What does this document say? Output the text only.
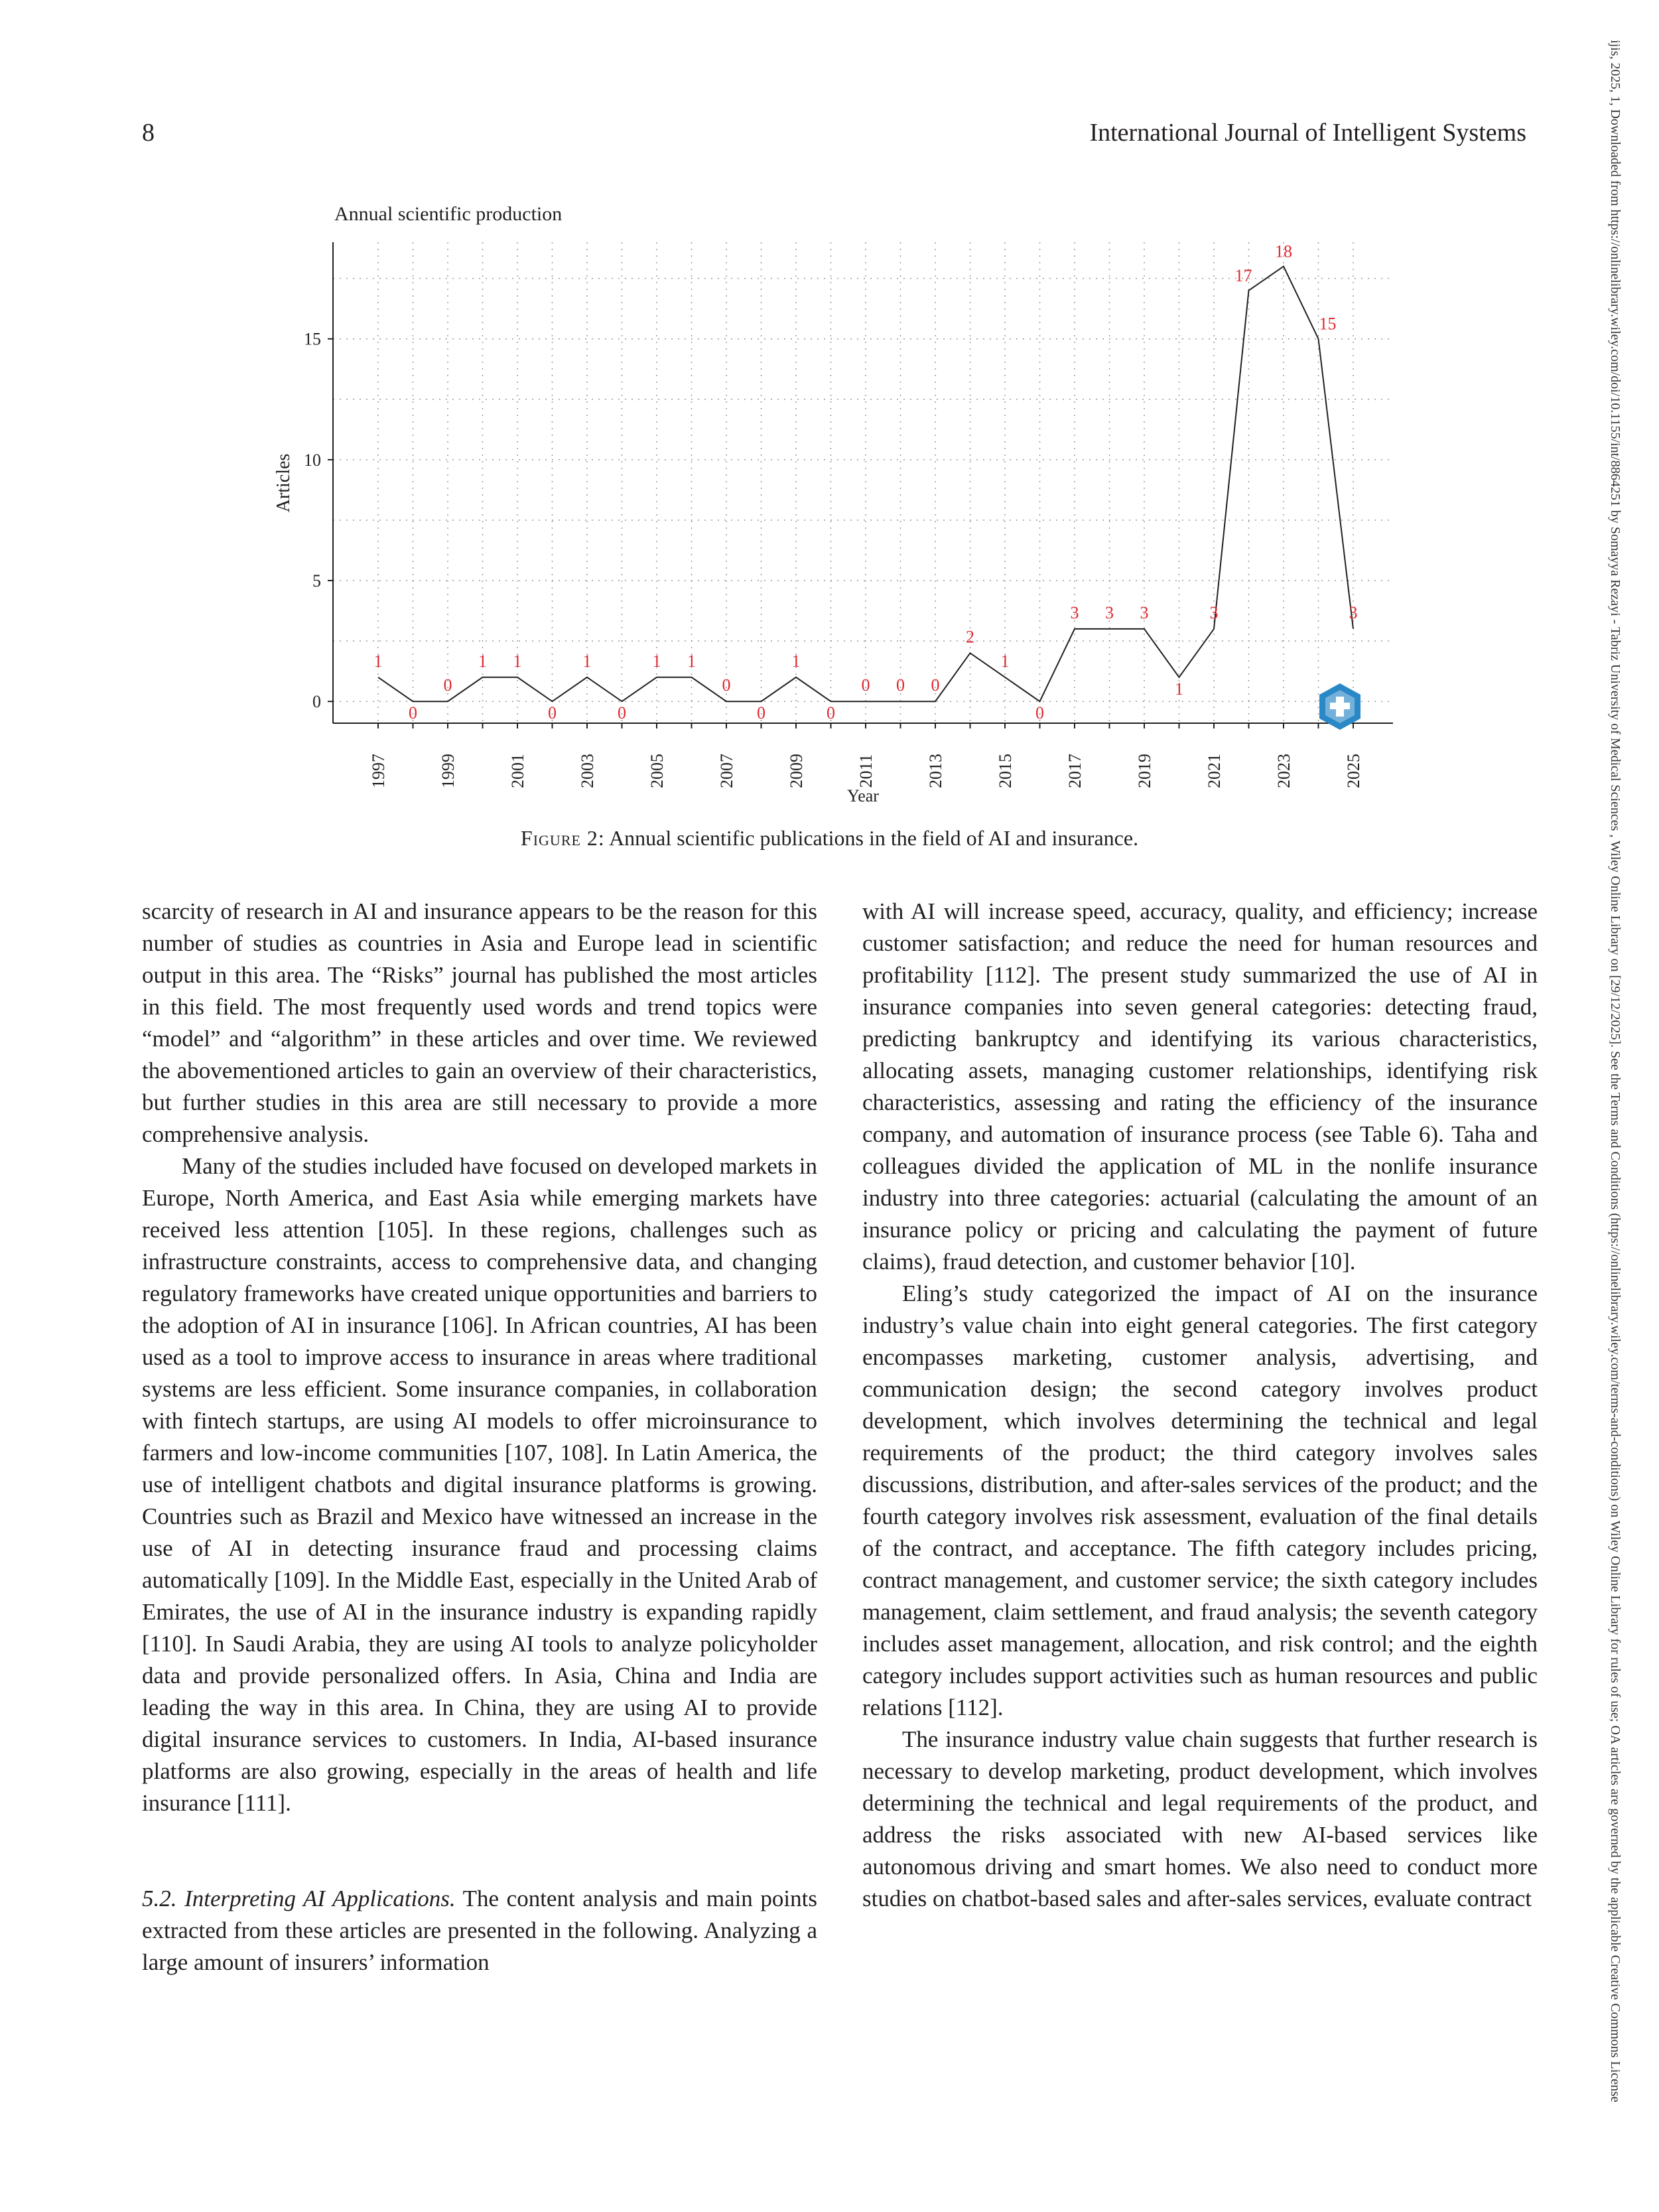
8	International Journal of Intelligent Systems	ijis, 2025, 1, Downloaded from https://onlinelibrary.wiley.com/doi/10.1155/int/8864251 by Somayya Rezayi - Tabriz University of Medical Sciences , Wiley Online Library on [29/12/2025]. See the Terms and Conditions (https://onlinelibrary.wiley.com/terms-and-conditions) on Wiley Online Library for rules of use; OA articles are governed by the applicable Creative Commons License
Annual scientific production
0
5
10
15
1997	1999	2001	2003	2005	2007	2009	2011	2013	2015	2017	2019	2021	2023	2025
1
0
0
1 1
0
1
0
1 1
0
0
1
0
0 0 0
2
1
0
3 3 3
1
3
17
18
15
3
Articles
Year
Figure 2: Annual scientific publications in the field of AI and insurance.

scarcity of research in AI and insurance appears to be the reason for this number of studies as countries in Asia and Europe lead in scientific output in this area. The “Risks” journal has published the most articles in this field. The most frequently used words and trend topics were “model” and “algorithm” in these articles and over time. We reviewed the abovementioned articles to gain an overview of their characteristics, but further studies in this area are still necessary to provide a more comprehensive analysis.

Many of the studies included have focused on developed markets in Europe, North America, and East Asia while emerging markets have received less attention [105]. In these regions, challenges such as infrastructure constraints, access to comprehensive data, and changing regulatory frameworks have created unique opportunities and barriers to the adoption of AI in insurance [106]. In African countries, AI has been used as a tool to improve access to insurance in areas where traditional systems are less efficient. Some insurance companies, in collaboration with fintech startups, are using AI models to offer microinsurance to farmers and low-income communities [107, 108]. In Latin America, the use of intelligent chatbots and digital insurance platforms is growing. Countries such as Brazil and Mexico have witnessed an increase in the use of AI in detecting insurance fraud and processing claims automatically [109]. In the Middle East, especially in the United Arab of Emirates, the use of AI in the insurance industry is expanding rapidly [110]. In Saudi Arabia, they are using AI tools to analyze policyholder data and provide personalized offers. In Asia, China and India are leading the way in this area. In China, they are using AI to provide digital insurance services to customers. In India, AI-based insurance platforms are also growing, especially in the areas of health and life insurance [111].

5.2. Interpreting AI Applications. The content analysis and main points extracted from these articles are presented in the following. Analyzing a large amount of insurers’ information

with AI will increase speed, accuracy, quality, and efficiency; increase customer satisfaction; and reduce the need for human resources and profitability [112]. The present study summarized the use of AI in insurance companies into seven general categories: detecting fraud, predicting bankruptcy and identifying its various characteristics, allocating assets, managing customer relationships, identifying risk characteristics, assessing and rating the efficiency of the insurance company, and automation of insurance process (see Table 6). Taha and colleagues divided the application of ML in the nonlife insurance industry into three categories: actuarial (calculating the amount of an insurance policy or pricing and calculating the payment of future claims), fraud detection, and customer behavior [10].

Eling’s study categorized the impact of AI on the insurance industry’s value chain into eight general categories. The first category encompasses marketing, customer analysis, advertising, and communication design; the second category involves product development, which involves determining the technical and legal requirements of the product; the third category involves sales discussions, distribution, and after-sales services of the product; and the fourth category involves risk assessment, evaluation of the final details of the contract, and acceptance. The fifth category includes pricing, contract management, and customer service; the sixth category includes management, claim settlement, and fraud analysis; the seventh category includes asset management, allocation, and risk control; and the eighth category includes support activities such as human resources and public relations [112].

The insurance industry value chain suggests that further research is necessary to develop marketing, product development, which involves determining the technical and legal requirements of the product, and address the risks associated with new AI-based services like autonomous driving and smart homes. We also need to conduct more studies on chatbot-based sales and after-sales services, evaluate contract
